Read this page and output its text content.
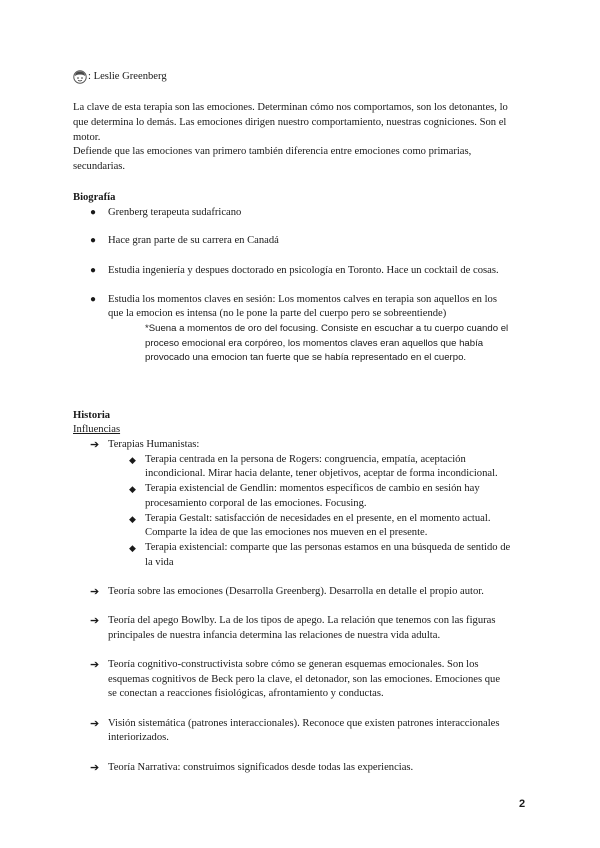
: Leslie Greenberg
La clave de esta terapia son las emociones. Determinan cómo nos comportamos, son los detonantes, lo
que determina lo demás. Las emociones dirigen nuestro comportamiento, nuestras cogniciones. Son el
motor.
Defiende que las emociones van primero también diferencia entre emociones como primarias,
secundarias.
Biografía
● Grenberg terapeuta sudafricano
● Hace gran parte de su carrera en Canadá
● Estudia ingeniería y despues doctorado en psicología en Toronto. Hace un cocktail de cosas.
● Estudia los momentos claves en sesión: Los momentos calves en terapia son aquellos en los
que la emocion es intensa (no le pone la parte del cuerpo pero se sobreentiende)
*Suena a momentos de oro del focusing. Consiste en escuchar a tu cuerpo cuando el
proceso emocional era corpóreo, los momentos claves eran aquellos que había
provocado una emocion tan fuerte que se había representado en el cuerpo.
Historia
Influencias
➔ Terapias Humanistas:
◆ Terapia centrada en la persona de Rogers: congruencia, empatía, aceptación
incondicional. Mirar hacia delante, tener objetivos, aceptar de forma incondicional.
◆ Terapia existencial de Gendlin: momentos específicos de cambio en sesión hay
procesamiento corporal de las emociones. Focusing.
◆ Terapia Gestalt: satisfacción de necesidades en el presente, en el momento actual.
Comparte la idea de que las emociones nos mueven en el presente.
◆ Terapia existencial: comparte que las personas estamos en una búsqueda de sentido de
la vida
➔ Teoría sobre las emociones (Desarrolla Greenberg). Desarrolla en detalle el propio autor.
➔ Teoría del apego Bowlby. La de los tipos de apego. La relación que tenemos con las figuras
principales de nuestra infancia determina las relaciones de nuestra vida adulta.
➔ Teoría cognitivo-constructivista sobre cómo se generan esquemas emocionales. Son los
esquemas cognitivos de Beck pero la clave, el detonador, son las emociones. Emociones que
se conectan a reacciones fisiológicas, afrontamiento y conductas.
➔ Visión sistemática (patrones interaccionales). Reconoce que existen patrones interaccionales
interiorizados.
➔ Teoría Narrativa: construimos significados desde todas las experiencias.
2
